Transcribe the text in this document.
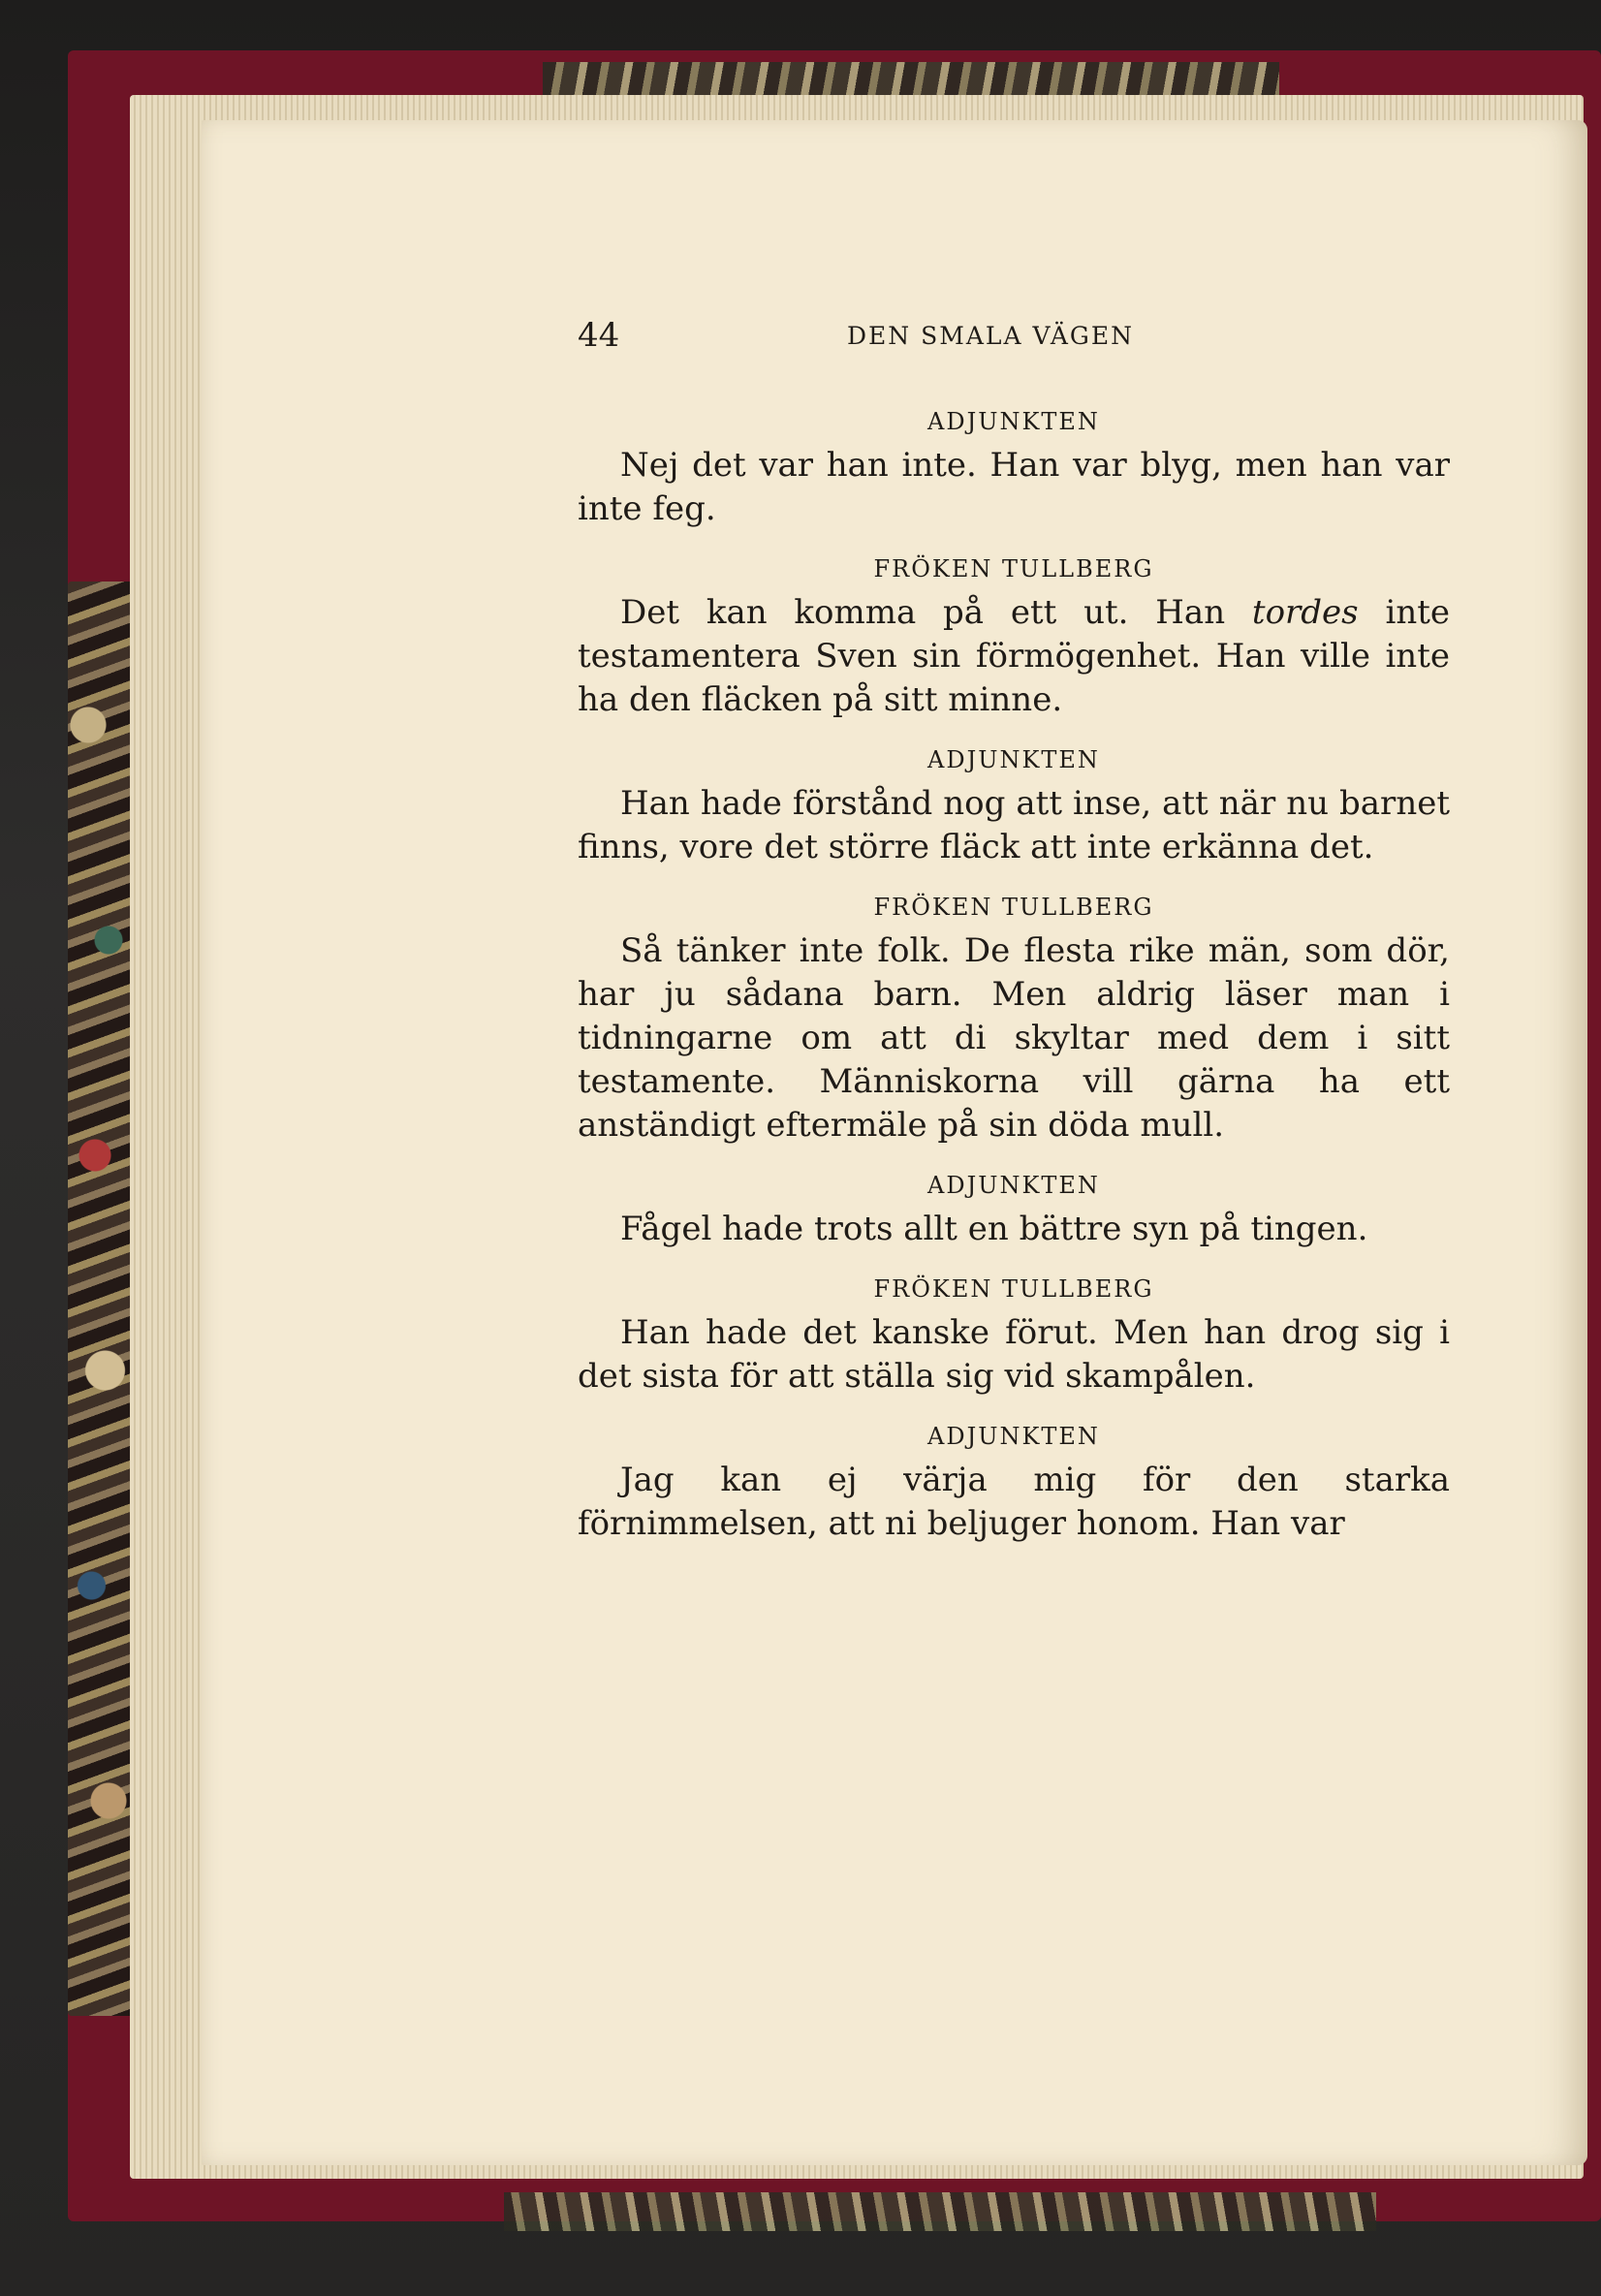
44	DEN SMALA VÄGEN

ADJUNKTEN

Nej det var han inte. Han var blyg, men han var inte feg.

FRÖKEN TULLBERG

Det kan komma på ett ut. Han tordes inte testamentera Sven sin förmögenhet. Han ville inte ha den fläcken på sitt minne.

ADJUNKTEN

Han hade förstånd nog att inse, att när nu barnet finns, vore det större fläck att inte erkänna det.

FRÖKEN TULLBERG

Så tänker inte folk. De flesta rike män, som dör, har ju sådana barn. Men aldrig läser man i tidningarne om att di skyltar med dem i sitt testamente. Människorna vill gärna ha ett anständigt eftermäle på sin döda mull.

ADJUNKTEN

Fågel hade trots allt en bättre syn på tingen.

FRÖKEN TULLBERG

Han hade det kanske förut. Men han drog sig i det sista för att ställa sig vid skampålen.

ADJUNKTEN

Jag kan ej värja mig för den starka förnimmelsen, att ni beljuger honom. Han var
